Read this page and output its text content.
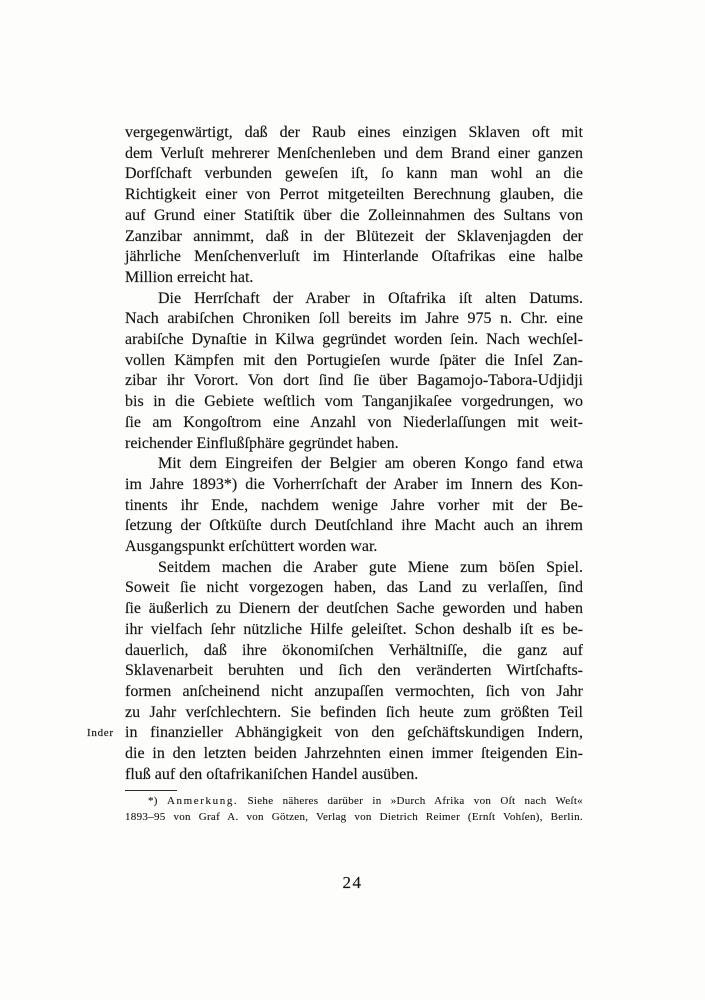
vergegenwärtigt, daß der Raub eines einzigen Sklaven oft mit
dem Verluſt mehrerer Menſchenleben und dem Brand einer ganzen
Dorfſchaft verbunden geweſen iſt, ſo kann man wohl an die
Richtigkeit einer von Perrot mitgeteilten Berechnung glauben, die
auf Grund einer Statiſtik über die Zolleinnahmen des Sultans von
Zanzibar annimmt, daß in der Blütezeit der Sklavenjagden der
jährliche Menſchenverluſt im Hinterlande Oſtafrikas eine halbe
Million erreicht hat.
Die Herrſchaft der Araber in Oſtafrika iſt alten Datums.
Nach arabiſchen Chroniken ſoll bereits im Jahre 975 n. Chr. eine
arabiſche Dynaſtie in Kilwa gegründet worden ſein. Nach wechſel-
vollen Kämpfen mit den Portugieſen wurde ſpäter die Inſel Zan-
zibar ihr Vorort. Von dort ſind ſie über Bagamojo-Tabora-Udjidji
bis in die Gebiete weſtlich vom Tanganjikaſee vorgedrungen, wo
ſie am Kongoſtrom eine Anzahl von Niederlaſſungen mit weit-
reichender Einflußſphäre gegründet haben.
Mit dem Eingreifen der Belgier am oberen Kongo fand etwa
im Jahre 1893*) die Vorherrſchaft der Araber im Innern des Kon-
tinents ihr Ende, nachdem wenige Jahre vorher mit der Be-
ſetzung der Oſtküſte durch Deutſchland ihre Macht auch an ihrem
Ausgangspunkt erſchüttert worden war.
Seitdem machen die Araber gute Miene zum böſen Spiel.
Soweit ſie nicht vorgezogen haben, das Land zu verlaſſen, ſind
ſie äußerlich zu Dienern der deutſchen Sache geworden und haben
ihr vielfach ſehr nützliche Hilfe geleiſtet. Schon deshalb iſt es be-
dauerlich, daß ihre ökonomiſchen Verhältniſſe, die ganz auf
Sklavenarbeit beruhten und ſich den veränderten Wirtſchafts-
formen anſcheinend nicht anzupaſſen vermochten, ſich von Jahr
zu Jahr verſchlechtern. Sie befinden ſich heute zum größten Teil
in finanzieller Abhängigkeit von den geſchäftskundigen Indern,
die in den letzten beiden Jahrzehnten einen immer ſteigenden Ein-
fluß auf den oſtafrikaniſchen Handel ausüben.
Inder
*) Anmerkung. Siehe näheres darüber in »Durch Afrika von Oſt nach Weſt«
1893–95 von Graf A. von Götzen, Verlag von Dietrich Reimer (Ernſt Vohſen), Berlin.
24
